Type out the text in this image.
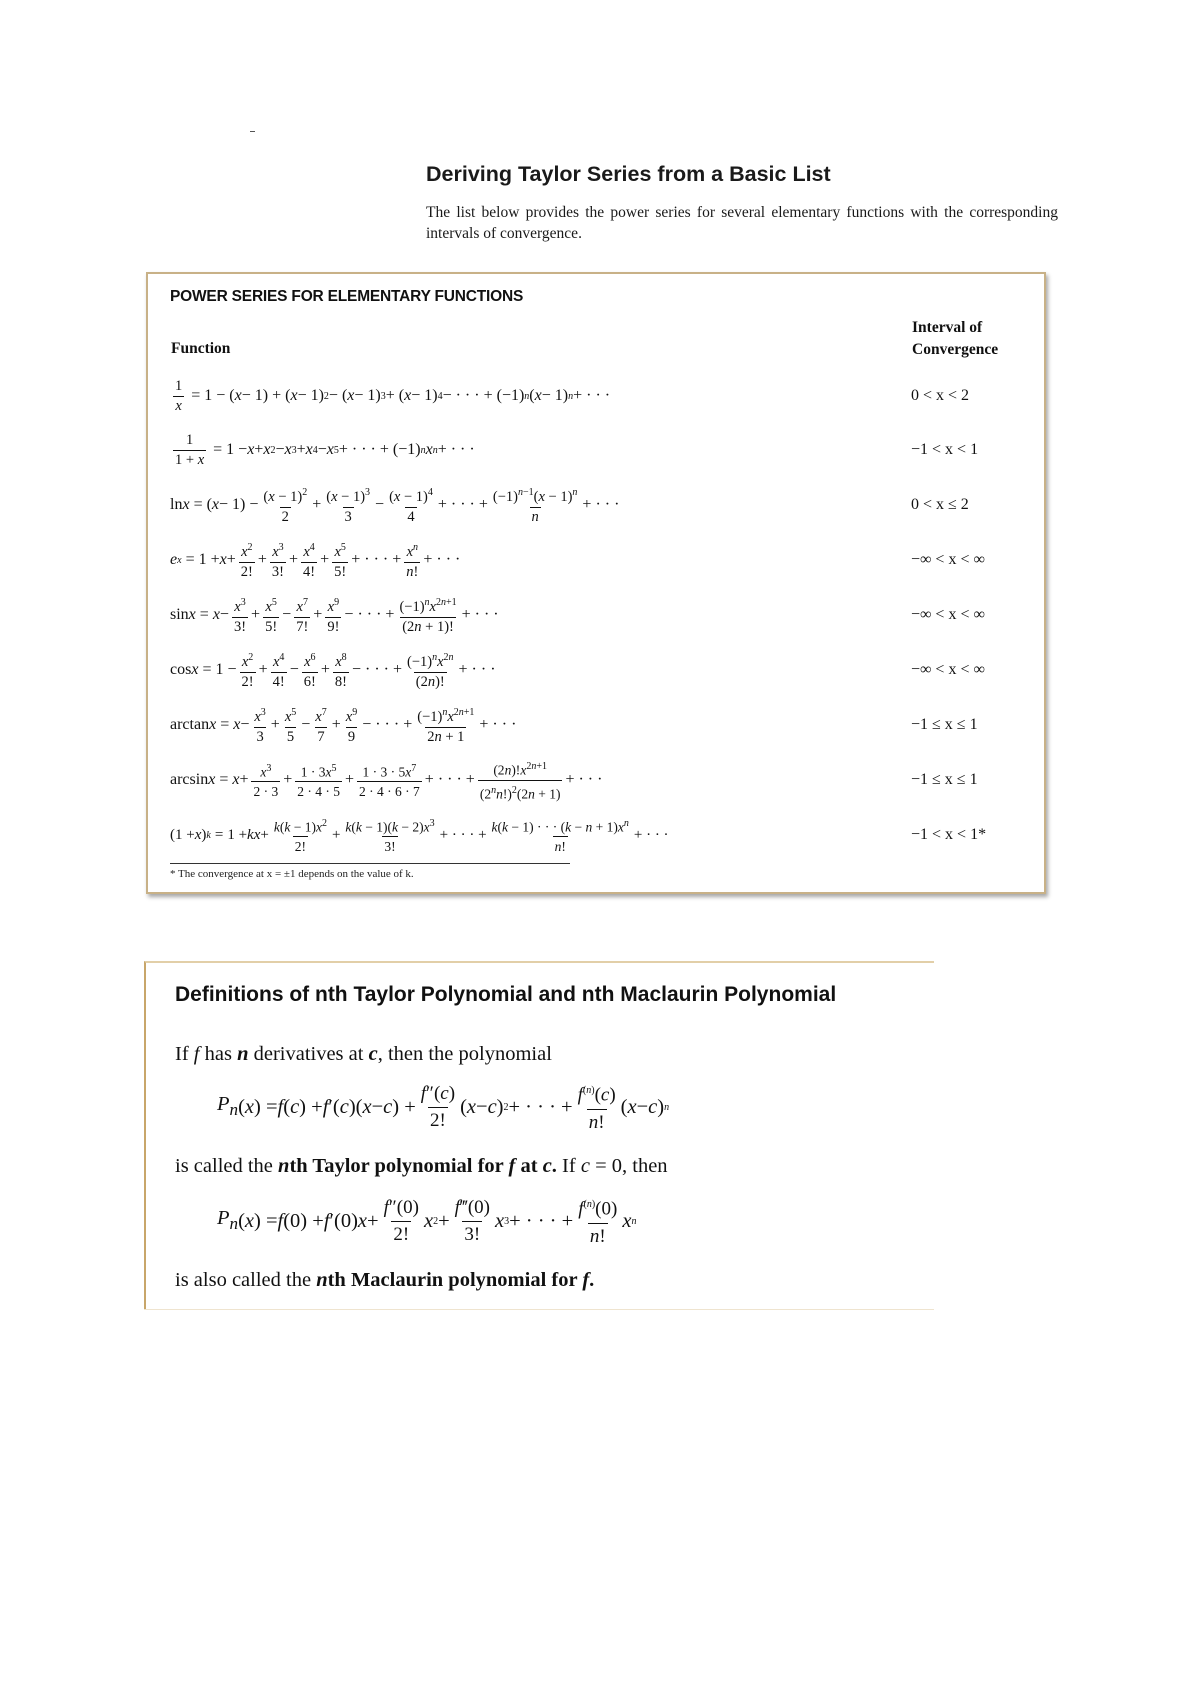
Deriving Taylor Series from a Basic List

The list below provides the power series for several elementary functions with the corresponding intervals of convergence.

POWER SERIES FOR ELEMENTARY FUNCTIONS
Function
Interval of Convergence
$\frac{1}{x} = 1$ − ( x − 1) + ( x − 1) 2 − ( x − 1) 3 + ( x − 1) 4 − · · · + (−1) n ( x − 1) n + · · ·	0 < x < 2
$\frac{1}{1 + x} = 1 - x + x$ 2 − x 3 + x 4 − x 5 + · · · + (−1) n x n + · · ·	−1 < x < 1
ln x = ( $x - 1) - \frac{(x - 1)^2}{2} + \frac{(x - 1)^3}{3} - \frac{(x - 1)^4}{4}$ + · · · + $\frac{(-1)^{n-1}(x - 1)^n}{n}$ + · · ·	0 < x ≤ 2
e $x = 1 + x + \frac{x^2}{2!} + \frac{x^3}{3!} + \frac{x^4}{4!} + \frac{x^5}{5!}$ + · · · + $\frac{x^n}{n!}$ + · · ·	−∞ < x < ∞
$\sin x = x - \frac{x^3}{3!} + \frac{x^5}{5!} - \frac{x^7}{7!} + \frac{x^9}{9!}$ − · · · + $\frac{(-1)^nx^{2n+1}}{(2n + 1)!}$ + · · ·	−∞ < x < ∞
$\cos x = 1 - \frac{x^2}{2!} + \frac{x^4}{4!} - \frac{x^6}{6!} + \frac{x^8}{8!}$ − · · · + $\frac{(-1)^nx^{2n}}{(2n)!}$ + · · ·	−∞ < x < ∞
$\arctan x = x - \frac{x^3}{3} + \frac{x^5}{5} - \frac{x^7}{7} + \frac{x^9}{9}$ − · · · + $\frac{(-1)^nx^{2n+1}}{2n + 1}$ + · · ·	−1 ≤ x ≤ 1
$\arcsin x = x + \frac{x^3}{2 \cdot 3} + \frac{1 \cdot 3x^5}{2 \cdot 4 \cdot 5} + \frac{1 \cdot 3 \cdot 5x^7}{2 \cdot 4 \cdot 6 \cdot 7}$ + · · · + $\frac{(2n)!x^{2n+1}}{(2^nn!)^2(2n + 1)}$ + · · ·	−1 ≤ x ≤ 1
(1 + x ) k = 1 + kx + $\frac{k(k - 1)x^2}{2!} + \frac{k(k - 1)(k - 2)x^3}{3!}$ + · · · + $\frac{k(k - 1) \cdot \cdot \cdot (k - n + 1)x^n}{n!}$ + · · ·	−1 < x < 1*
* The convergence at x = ±1 depends on the value of k.
Definitions of nth Taylor Polynomial and nth Maclaurin Polynomial

If f has n derivatives at c, then the polynomial

$P_n$ ( x ) = f ( c ) + f ′( c )( x − c ) + $\frac{f''(c)}{2!}$ ( x − c ) 2 + · · · + $\frac{f^{(n)}(c)}{n!}$ ( x − c ) n

is called the nth Taylor polynomial for f at c. If c = 0, then

$P_n$ ( x ) = f (0) + f ′(0) $x + \frac{f''(0)}{2!}$ x $2 + \frac{f‴(0)}{3!}$ x 3 + · · · + $\frac{f^{(n)}(0)}{n!}$ x n

is also called the nth Maclaurin polynomial for f.
